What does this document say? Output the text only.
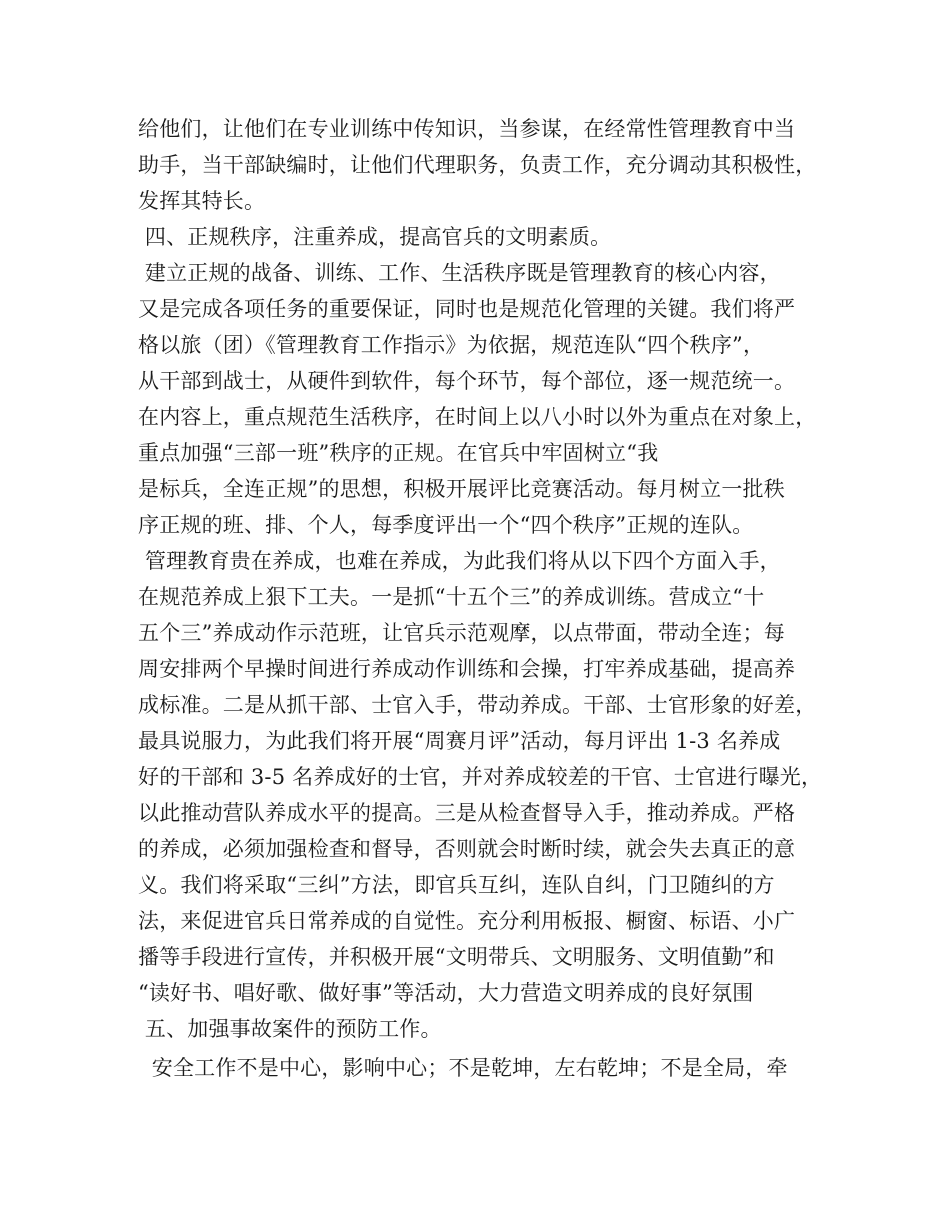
给他们，让他们在专业训练中传知识，当参谋，在经常性管理教育中当
助手，当干部缺编时，让他们代理职务，负责工作，充分调动其积极性，
发挥其特长。
四、正规秩序，注重养成，提高官兵的文明素质。
建立正规的战备、训练、工作、生活秩序既是管理教育的核心内容，
又是完成各项任务的重要保证，同时也是规范化管理的关键。我们将严
格以旅（团）《管理教育工作指示》为依据，规范连队“四个秩序”，
从干部到战士，从硬件到软件，每个环节，每个部位，逐一规范统一。
在内容上，重点规范生活秩序，在时间上以八小时以外为重点在对象上，
重点加强“三部一班”秩序的正规。在官兵中牢固树立“我
是标兵，全连正规”的思想，积极开展评比竞赛活动。每月树立一批秩
序正规的班、排、个人，每季度评出一个“四个秩序”正规的连队。
管理教育贵在养成，也难在养成，为此我们将从以下四个方面入手，
在规范养成上狠下工夫。一是抓“十五个三”的养成训练。营成立“十
五个三”养成动作示范班，让官兵示范观摩，以点带面，带动全连；每
周安排两个早操时间进行养成动作训练和会操，打牢养成基础，提高养
成标准。二是从抓干部、士官入手，带动养成。干部、士官形象的好差，
最具说服力，为此我们将开展“周赛月评”活动，每月评出 1-3 名养成
好的干部和 3-5 名养成好的士官，并对养成较差的干官、士官进行曝光，
以此推动营队养成水平的提高。三是从检查督导入手，推动养成。严格
的养成，必须加强检查和督导，否则就会时断时续，就会失去真正的意
义。我们将采取“三纠”方法，即官兵互纠，连队自纠，门卫随纠的方
法，来促进官兵日常养成的自觉性。充分利用板报、橱窗、标语、小广
播等手段进行宣传，并积极开展“文明带兵、文明服务、文明值勤”和
“读好书、唱好歌、做好事”等活动，大力营造文明养成的良好氛围
五、加强事故案件的预防工作。
安全工作不是中心，影响中心；不是乾坤，左右乾坤；不是全局，牵
